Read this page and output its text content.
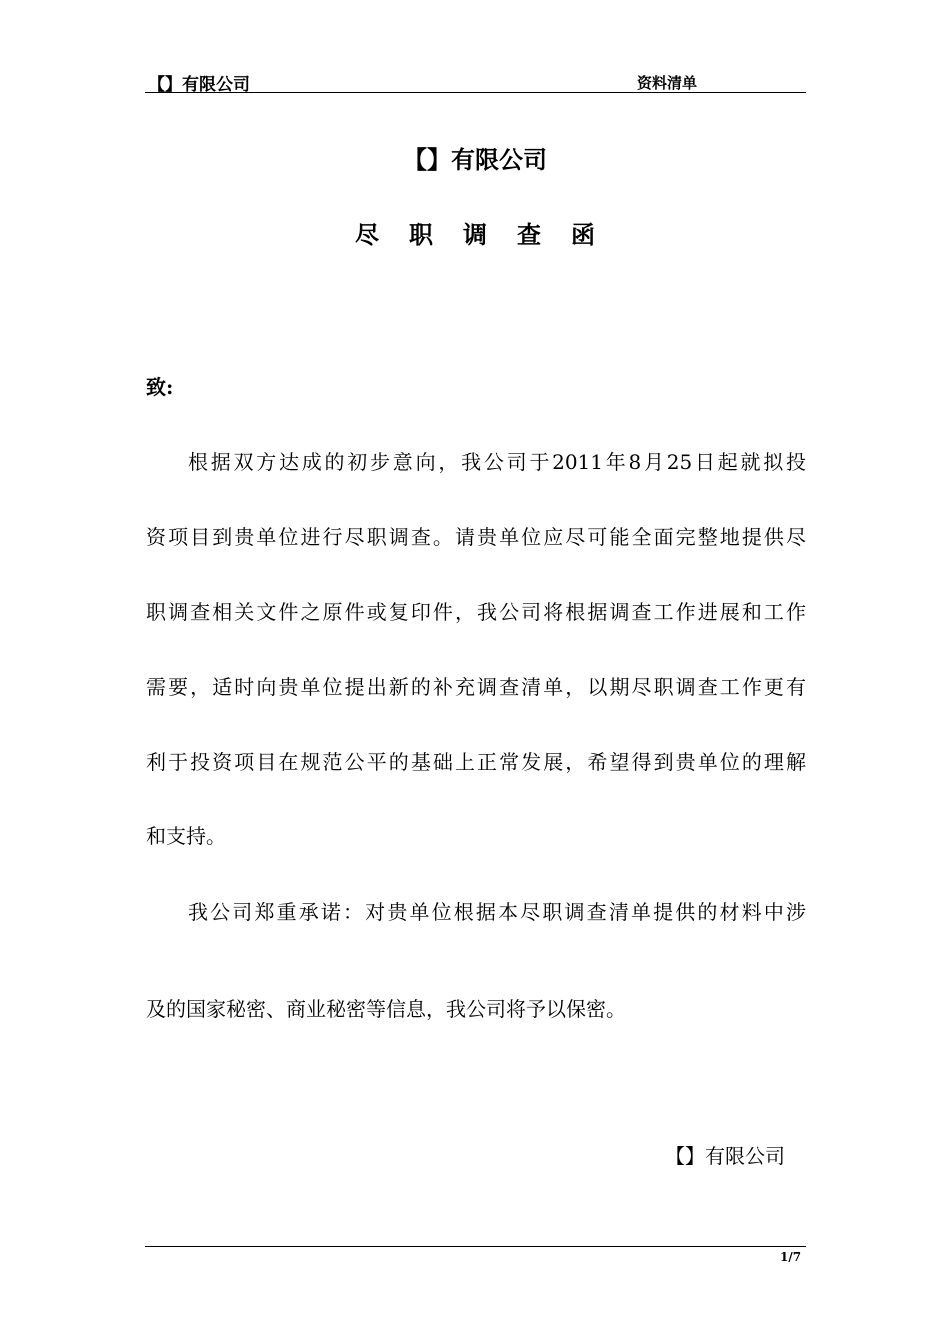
【】有限公司	资料清单
【】有限公司
尽职调查函
致:
根据双方达成的初步意向，我公司于2011年8月25日起就拟投
资项目到贵单位进行尽职调查。请贵单位应尽可能全面完整地提供尽
职调查相关文件之原件或复印件，我公司将根据调查工作进展和工作
需要，适时向贵单位提出新的补充调查清单，以期尽职调查工作更有
利于投资项目在规范公平的基础上正常发展，希望得到贵单位的理解
和支持。
我公司郑重承诺：对贵单位根据本尽职调查清单提供的材料中涉
及的国家秘密、商业秘密等信息，我公司将予以保密。
【】有限公司
1/7
